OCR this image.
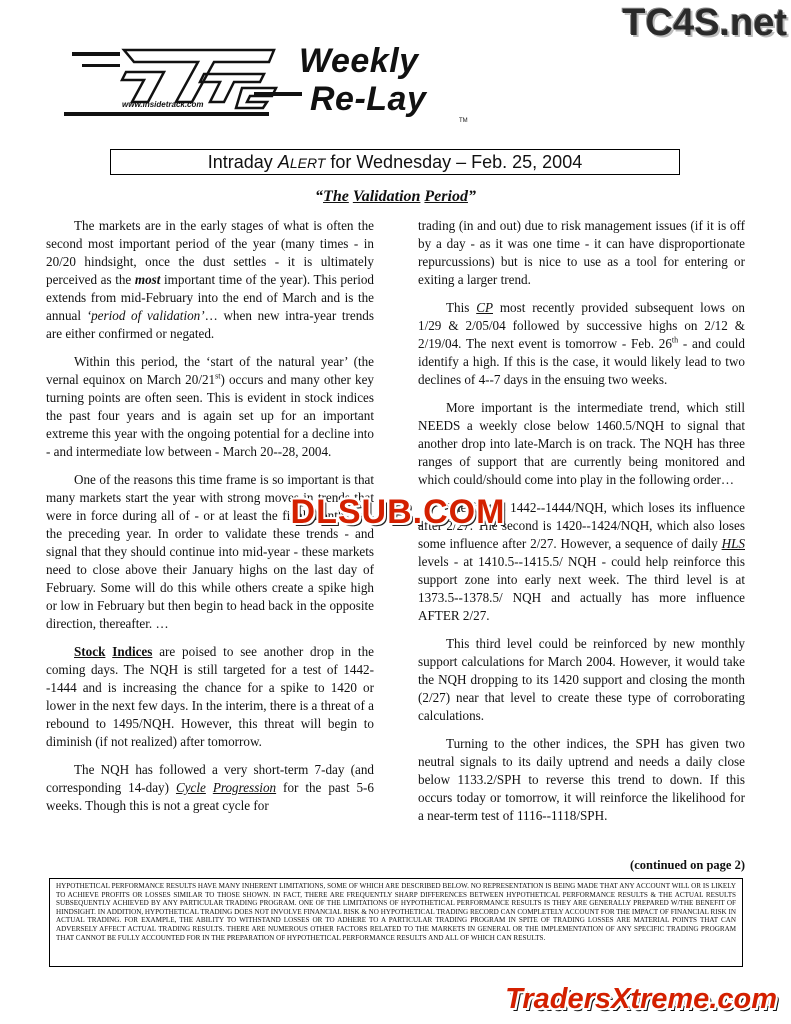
TC4S.net
www.insidetrack.com
Weekly
Re-Lay
TM
Intraday ALERT for Wednesday – Feb. 25, 2004
“The Validation Period”

The markets are in the early stages of what is often the second most important period of the year (many times - in 20/20 hindsight, once the dust settles - it is ultimately perceived as the most important time of the year). This period extends from mid-February into the end of March and is the annual ‘period of validation’… when new intra-year trends are either confirmed or negated.

Within this period, the ‘start of the natural year’ (the vernal equinox on March 20/21st) occurs and many other key turning points are often seen. This is evident in stock indices the past four years and is again set up for an important extreme this year with the ongoing potential for a decline into - and intermediate low between - March 20--28, 2004.

One of the reasons this time frame is so important is that many markets start the year with strong moves in trends that were in force during all of - or at least the final months of - the preceding year. In order to validate these trends - and signal that they should continue into mid-year - these markets need to close above their January highs on the last day of February. Some will do this while others create a spike high or low in February but then begin to head back in the opposite direction, thereafter. …

Stock Indices are poised to see another drop in the coming days. The NQH is still targeted for a test of 1442--1444 and is increasing the chance for a spike to 1420 or lower in the next few days. In the interim, there is a threat of a rebound to 1495/NQH. However, this threat will begin to diminish (if not realized) after tomorrow.

The NQH has followed a very short-term 7-day (and corresponding 14-day) Cycle Progression for the past 5-6 weeks. Though this is not a great cycle for

trading (in and out) due to risk management issues (if it is off by a day - as it was one time - it can have disproportionate repurcussions) but is nice to use as a tool for entering or exiting a larger trend.

This CP most recently provided subsequent lows on 1/29 & 2/05/04 followed by successive highs on 2/12 & 2/19/04. The next event is tomorrow - Feb. 26th - and could identify a high. If this is the case, it would likely lead to two declines of 4--7 days in the ensuing two weeks.

More important is the intermediate trend, which still NEEDS a weekly close below 1460.5/NQH to signal that another drop into late-March is on track. The NQH has three ranges of support that are currently being monitored and which could/should come into play in the following order…

The first is 1442--1444/NQH, which loses its influence after 2/27. The second is 1420--1424/NQH, which also loses some influence after 2/27. However, a sequence of daily HLS levels - at 1410.5--1415.5/ NQH - could help reinforce this support zone into early next week. The third level is at 1373.5--1378.5/ NQH and actually has more influence AFTER 2/27.

This third level could be reinforced by new monthly support calculations for March 2004. However, it would take the NQH dropping to its 1420 support and closing the month (2/27) near that level to create these type of corroborating calculations.

Turning to the other indices, the SPH has given two neutral signals to its daily uptrend and needs a daily close below 1133.2/SPH to reverse this trend to down. If this occurs today or tomorrow, it will reinforce the likelihood for a near-term test of 1116--1118/SPH.

(continued on page 2)
HYPOTHETICAL PERFORMANCE RESULTS HAVE MANY INHERENT LIMITATIONS, SOME OF WHICH ARE DESCRIBED BELOW. NO REPRESENTATION IS BEING MADE THAT ANY ACCOUNT WILL OR IS LIKELY TO ACHIEVE PROFITS OR LOSSES SIMILAR TO THOSE SHOWN. IN FACT, THERE ARE FREQUENTLY SHARP DIFFERENCES BETWEEN HYPOTHETICAL PERFORMANCE RESULTS & THE ACTUAL RESULTS SUBSEQUENTLY ACHIEVED BY ANY PARTICULAR TRADING PROGRAM. ONE OF THE LIMITATIONS OF HYPOTHETICAL PERFORMANCE RESULTS IS THEY ARE GENERALLY PREPARED W/THE BENEFIT OF HINDSIGHT. IN ADDITION, HYPOTHETICAL TRADING DOES NOT INVOLVE FINANCIAL RISK & NO HYPOTHETICAL TRADING RECORD CAN COMPLETELY ACCOUNT FOR THE IMPACT OF FINANCIAL RISK IN ACTUAL TRADING. FOR EXAMPLE, THE ABILITY TO WITHSTAND LOSSES OR TO ADHERE TO A PARTICULAR TRADING PROGRAM IN SPITE OF TRADING LOSSES ARE MATERIAL POINTS THAT CAN ADVERSELY AFFECT ACTUAL TRADING RESULTS. THERE ARE NUMEROUS OTHER FACTORS RELATED TO THE MARKETS IN GENERAL OR THE IMPLEMENTATION OF ANY SPECIFIC TRADING PROGRAM THAT CANNOT BE FULLY ACCOUNTED FOR IN THE PREPARATION OF HYPOTHETICAL PERFORMANCE RESULTS AND ALL OF WHICH CAN RESULTS.
DLSUB.COM
TradersXtreme.com
